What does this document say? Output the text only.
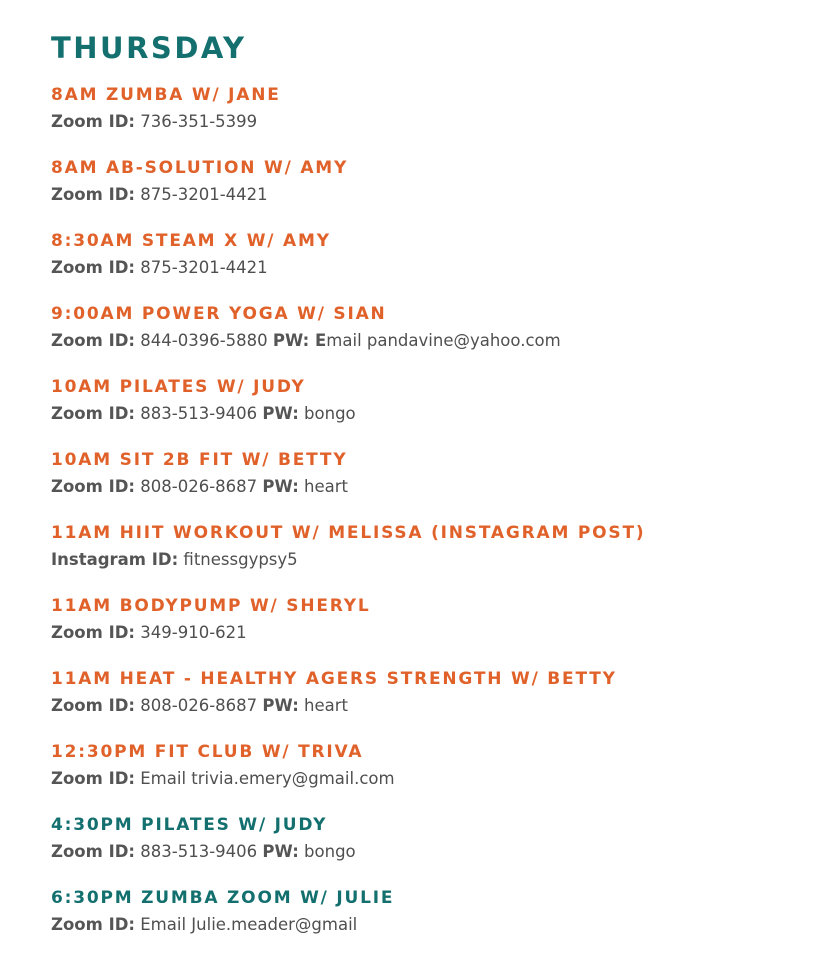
THURSDAY
8AM ZUMBA W/ JANE
Zoom ID: 736-351-5399
8AM AB-SOLUTION W/ AMY
Zoom ID: 875-3201-4421
8:30AM STEAM X W/ AMY
Zoom ID: 875-3201-4421
9:00AM POWER YOGA W/ SIAN
Zoom ID: 844-0396-5880 PW: Email pandavine@yahoo.com
10AM PILATES W/ JUDY
Zoom ID: 883-513-9406 PW: bongo
10AM SIT 2B FIT W/ BETTY
Zoom ID: 808-026-8687 PW: heart
11AM HIIT WORKOUT W/ MELISSA (INSTAGRAM POST)
Instagram ID: fitnessgypsy5
11AM BODYPUMP W/ SHERYL
Zoom ID: 349-910-621
11AM HEAT - HEALTHY AGERS STRENGTH W/ BETTY
Zoom ID: 808-026-8687 PW: heart
12:30PM FIT CLUB W/ TRIVA
Zoom ID: Email trivia.emery@gmail.com
4:30PM PILATES W/ JUDY
Zoom ID: 883-513-9406 PW: bongo
6:30PM ZUMBA ZOOM W/ JULIE
Zoom ID: Email Julie.meader@gmail
